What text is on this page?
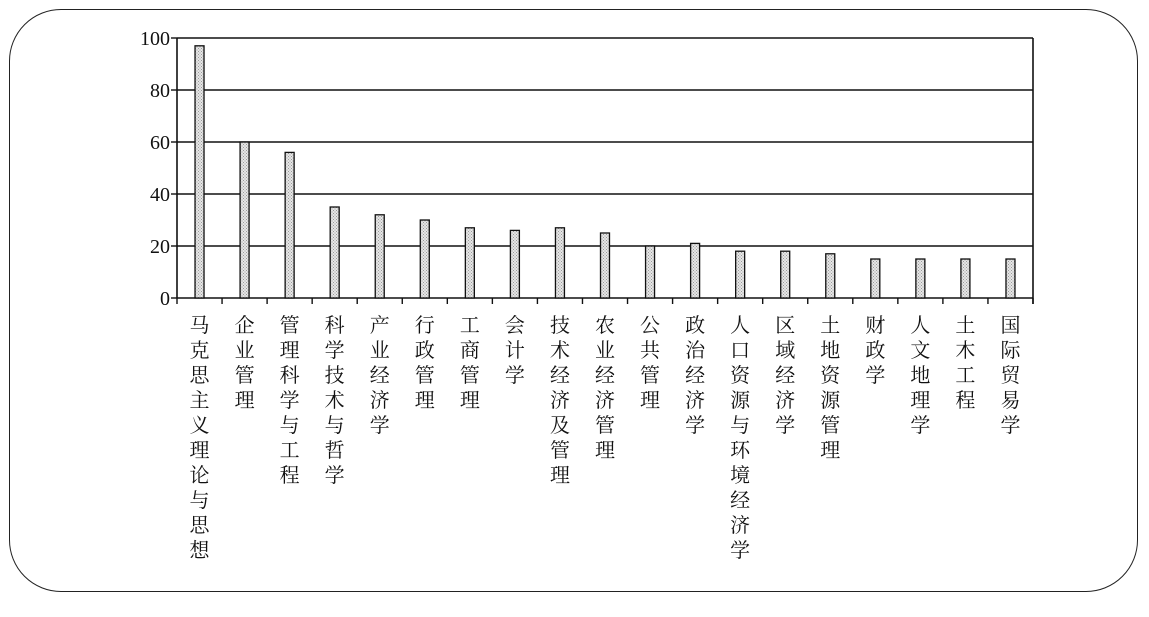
0
20
40
60
80
100
马克思主义理论与思想
企业管理
管理科学与工程
科学技术与哲学
产业经济学
行政管理
工商管理
会计学
技术经济及管理
农业经济管理
公共管理
政治经济学
人口资源与环境经济学
区域经济学
土地资源管理
财政学
人文地理学
土木工程
国际贸易学
